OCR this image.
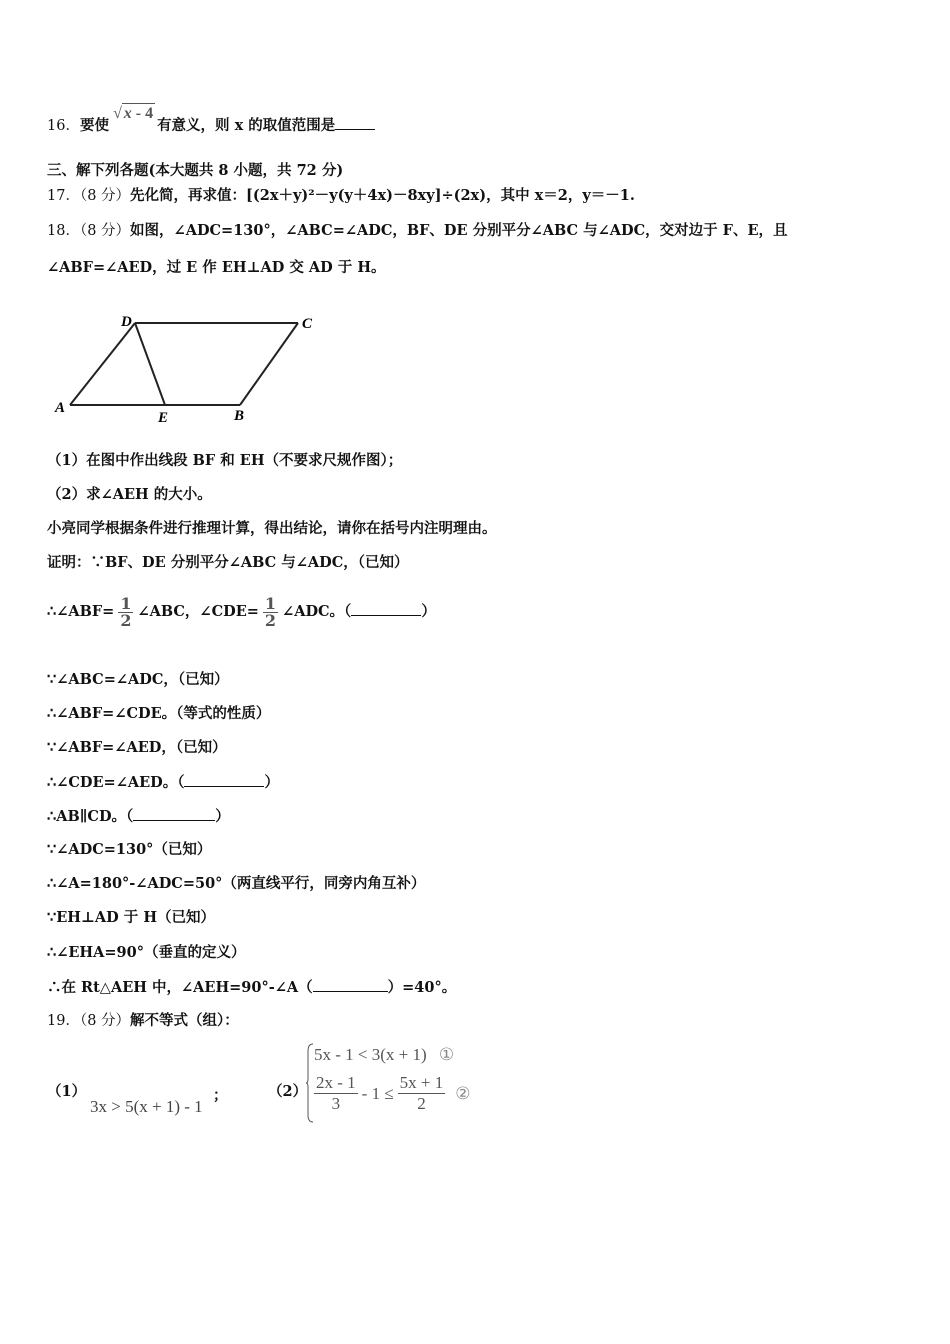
16．要使√ x - 4有意义，则 x 的取值范围是
三、解下列各题(本大题共 8 小题，共 72 分)
17．（8 分）先化简，再求值：[(2x＋y)²－y(y＋4x)－8xy]÷(2x)，其中 x＝2，y＝－1.
18．（8 分）如图，∠ADC=130°，∠ABC=∠ADC，BF、DE 分别平分∠ABC 与∠ADC，交对边于 F、E，且
∠ABF=∠AED，过 E 作 EH⊥AD 交 AD 于 H。
D	C
A
E	B
（1）在图中作出线段 BF 和 EH（不要求尺规作图）；
（2）求∠AEH 的大小。
小亮同学根据条件进行推理计算，得出结论，请你在括号内注明理由。
证明：∵BF、DE 分别平分∠ABC 与∠ADC，（已知）
∴∠ABF= $\frac{1}{2}$ ∠ABC，∠CDE= $\frac{1}{2}$ ∠ADC。（	）
∵∠ABC=∠ADC，（已知）
∴∠ABF=∠CDE。（等式的性质）
∵∠ABF=∠AED，（已知）
∴∠CDE=∠AED。（	）
∴AB∥CD。（	）
∵∠ADC=130°（已知）
∴∠A=180°-∠ADC=50°（两直线平行，同旁内角互补）
∵EH⊥AD 于 H（已知）
∴∠EHA=90°（垂直的定义）
∴在 Rt△AEH 中，∠AEH=90°-∠A（	）=40°。
19．（8 分）解不等式（组）：
（1）
3x > 5(x + 1) - 1
；	（2）
5x - 1 < 3(x + 1) ①
$\frac{2x - 1}{3} - 1 \le \frac{5x + 1}{2}$ ②
